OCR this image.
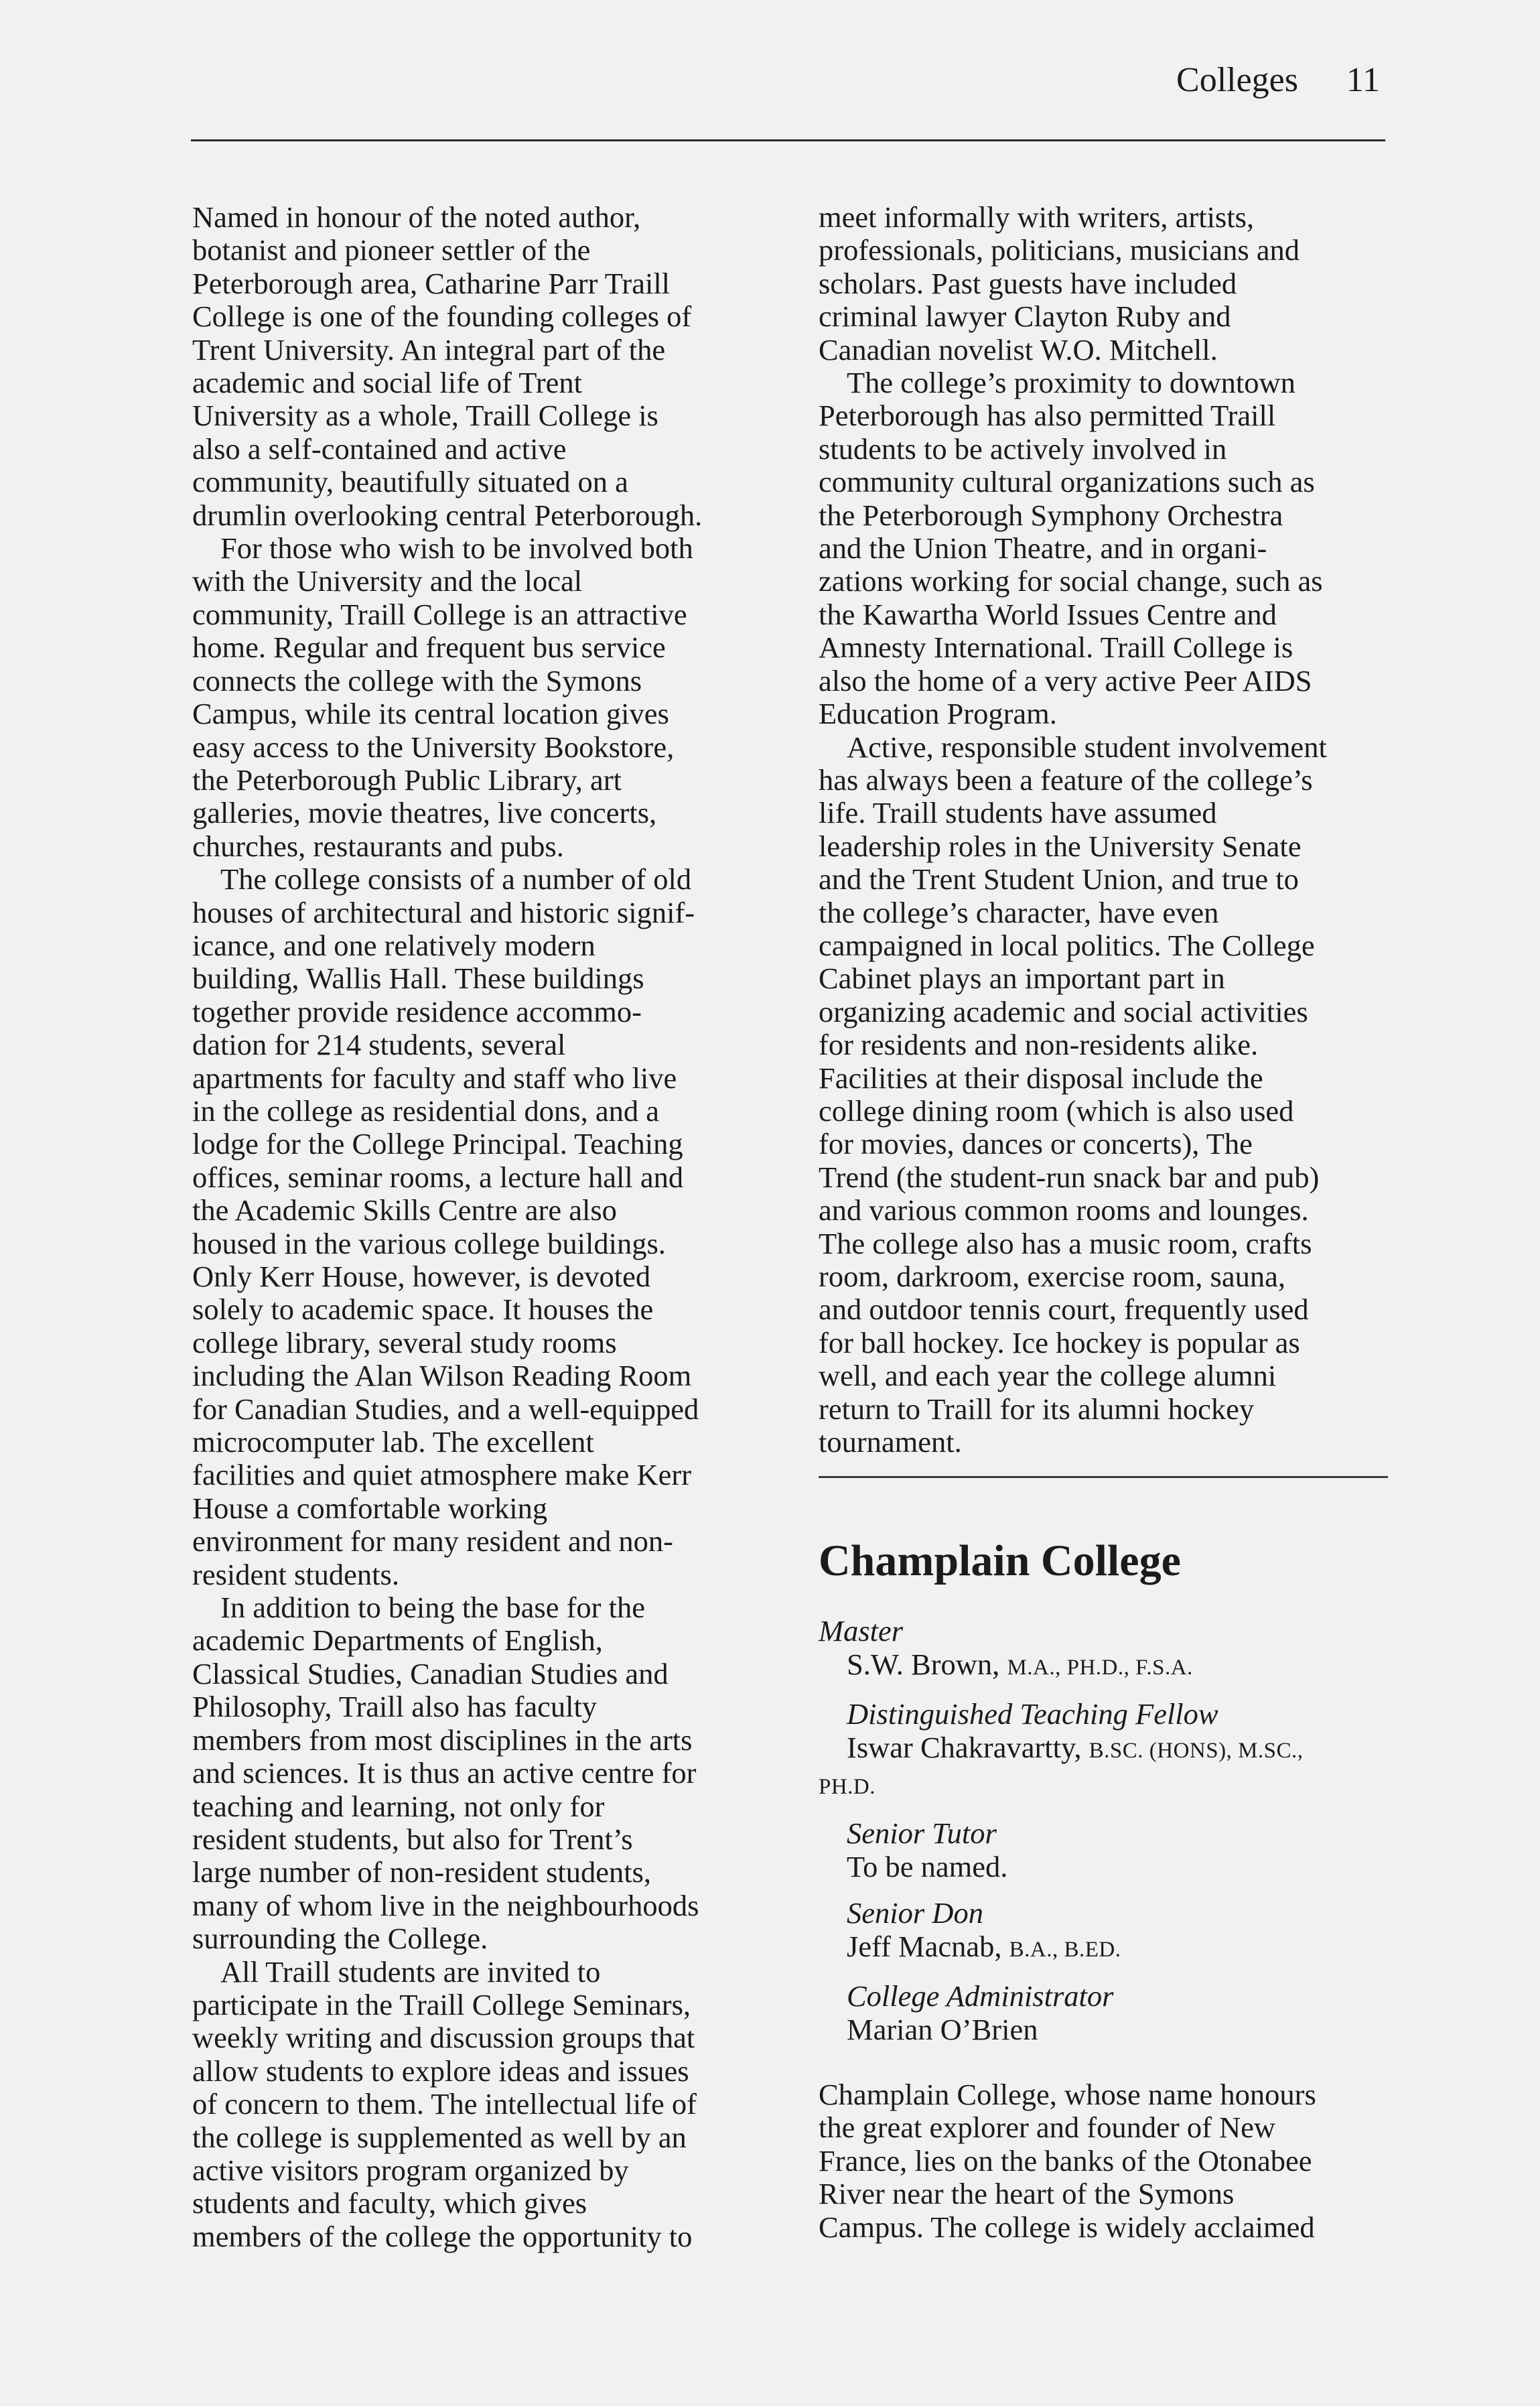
Colleges 11

Named in honour of the noted author,
botanist and pioneer settler of the
Peterborough area, Catharine Parr Traill
College is one of the founding colleges of
Trent University. An integral part of the
academic and social life of Trent
University as a whole, Traill College is
also a self-contained and active
community, beautifully situated on a
drumlin overlooking central Peterborough.

For those who wish to be involved both
with the University and the local
community, Traill College is an attractive
home. Regular and frequent bus service
connects the college with the Symons
Campus, while its central location gives
easy access to the University Bookstore,
the Peterborough Public Library, art
galleries, movie theatres, live concerts,
churches, restaurants and pubs.

The college consists of a number of old
houses of architectural and historic signif-
icance, and one relatively modern
building, Wallis Hall. These buildings
together provide residence accommo-
dation for 214 students, several
apartments for faculty and staff who live
in the college as residential dons, and a
lodge for the College Principal. Teaching
offices, seminar rooms, a lecture hall and
the Academic Skills Centre are also
housed in the various college buildings.
Only Kerr House, however, is devoted
solely to academic space. It houses the
college library, several study rooms
including the Alan Wilson Reading Room
for Canadian Studies, and a well-equipped
microcomputer lab. The excellent
facilities and quiet atmosphere make Kerr
House a comfortable working
environment for many resident and non-
resident students.

In addition to being the base for the
academic Departments of English,
Classical Studies, Canadian Studies and
Philosophy, Traill also has faculty
members from most disciplines in the arts
and sciences. It is thus an active centre for
teaching and learning, not only for
resident students, but also for Trent’s
large number of non-resident students,
many of whom live in the neighbourhoods
surrounding the College.

All Traill students are invited to
participate in the Traill College Seminars,
weekly writing and discussion groups that
allow students to explore ideas and issues
of concern to them. The intellectual life of
the college is supplemented as well by an
active visitors program organized by
students and faculty, which gives
members of the college the opportunity to

meet informally with writers, artists,
professionals, politicians, musicians and
scholars. Past guests have included
criminal lawyer Clayton Ruby and
Canadian novelist W.O. Mitchell.

The college’s proximity to downtown
Peterborough has also permitted Traill
students to be actively involved in
community cultural organizations such as
the Peterborough Symphony Orchestra
and the Union Theatre, and in organi-
zations working for social change, such as
the Kawartha World Issues Centre and
Amnesty International. Traill College is
also the home of a very active Peer AIDS
Education Program.

Active, responsible student involvement
has always been a feature of the college’s
life. Traill students have assumed
leadership roles in the University Senate
and the Trent Student Union, and true to
the college’s character, have even
campaigned in local politics. The College
Cabinet plays an important part in
organizing academic and social activities
for residents and non-residents alike.
Facilities at their disposal include the
college dining room (which is also used
for movies, dances or concerts), The
Trend (the student-run snack bar and pub)
and various common rooms and lounges.
The college also has a music room, crafts
room, darkroom, exercise room, sauna,
and outdoor tennis court, frequently used
for ball hockey. Ice hockey is popular as
well, and each year the college alumni
return to Traill for its alumni hockey
tournament.

Champlain College

Master

S.W. Brown, M.A., PH.D., F.S.A.

Distinguished Teaching Fellow

Iswar Chakravartty, B.SC. (HONS), M.SC.,
PH.D.

Senior Tutor

To be named.

Senior Don

Jeff Macnab, B.A., B.ED.

College Administrator

Marian O’Brien

Champlain College, whose name honours
the great explorer and founder of New
France, lies on the banks of the Otonabee
River near the heart of the Symons
Campus. The college is widely acclaimed
